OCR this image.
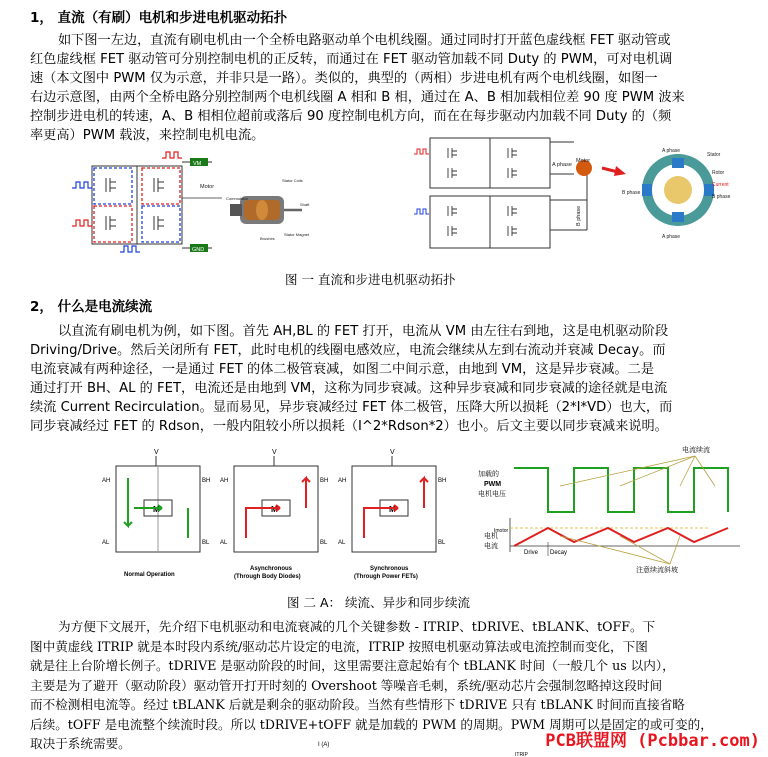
1， 直流（有刷）电机和步进电机驱动拓扑
如下图一左边，直流有刷电机由一个全桥电路驱动单个电机线圈。通过同时打开蓝色虚线框 FET 驱动管或
红色虚线框 FET 驱动管可分别控制电机的正反转，而通过在 FET 驱动管加载不同 Duty 的 PWM，可对电机调
速（本文图中 PWM 仅为示意，并非只是一路）。类似的，典型的（两相）步进电机有两个电机线圈，如图一
右边示意图，由两个全桥电路分别控制两个电机线圈 A 相和 B 相，通过在 A、B 相加载相位差 90 度 PWM 波来
控制步进电机的转速，A、B 相相位超前或落后 90 度控制电机方向，而在在每步驱动内加载不同 Duty 的（频
率更高）PWM 载波，来控制电机电流。
VM
GND
Motor
Stator Coils
Commutator
Shaft
Brushes
Stator Magnet
A phase
B phase
Motor
A phase
A phase
B phase
Stator
Rotor
Current
B phase
图 一 直流和步进电机驱动拓扑
2， 什么是电流续流
以直流有刷电机为例，如下图。首先 AH,BL 的 FET 打开，电流从 VM 由左往右到地，这是电机驱动阶段
Driving/Drive。然后关闭所有 FET，此时电机的线圈电感效应，电流会继续从左到右流动并衰减 Decay。而
电流衰减有两种途径，一是通过 FET 的体二极管衰减，如图二中间示意，由地到 VM，这是异步衰减。二是
通过打开 BH、AL 的 FET，电流还是由地到 VM，这称为同步衰减。这种异步衰减和同步衰减的途径就是电流
续流 Current Recirculation。显而易见，异步衰减经过 FET 体二极管，压降大所以损耗（2*I*VD）也大，而
同步衰减经过 FET 的 Rdson，一般内阻较小所以损耗（I^2*Rdson*2）也小。后文主要以同步衰减来说明。
V
M
AH	BH
AL	BL
Normal Operation
V
M
AH	BH
AL	BL
Asynchronous
(Through Body Diodes)
V
M
AH	BH
AL	BL
Synchronous
(Through Power FETs)
电流续流
加载的
PWM
电机电压
Imotor
电机
电流
Drive Decay
注意续流斜坡
图 二 A： 续流、异步和同步续流
为方便下文展开，先介绍下电机驱动和电流衰减的几个关键参数 - ITRIP、tDRIVE、tBLANK、tOFF。下
图中黄虚线 ITRIP 就是本时段内系统/驱动芯片设定的电流，ITRIP 按照电机驱动算法或电流控制而变化，下图
就是往上台阶增长例子。tDRIVE 是驱动阶段的时间，这里需要注意起始有个 tBLANK 时间（一般几个 us 以内），
主要是为了避开（驱动阶段）驱动管开打开时刻的 Overshoot 等噪音毛刺，系统/驱动芯片会强制忽略掉这段时间
而不检测相电流等。经过 tBLANK 后就是剩余的驱动阶段。当然有些情形下 tDRIVE 只有 tBLANK 时间而直接省略
后续。tOFF 是电流整个续流时段。所以 tDRIVE+tOFF 就是加载的 PWM 的周期。PWM 周期可以是固定的或可变的，
取决于系统需要。	I (A)
ITRIP
PCB联盟网 (Pcbbar.com)
